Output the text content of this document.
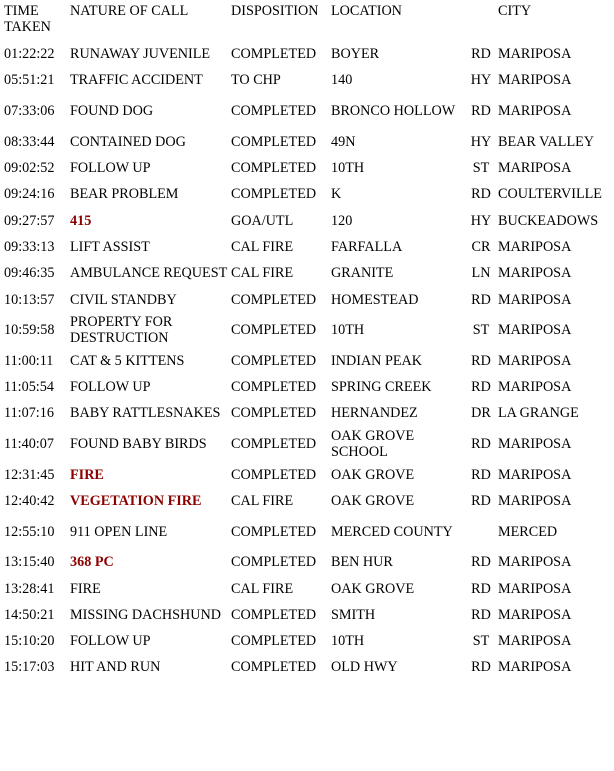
TIME TAKEN	NATURE OF CALL	DISPOSITION	LOCATION		CITY
01:22:22	RUNAWAY JUVENILE	COMPLETED	BOYER	RD	MARIPOSA
05:51:21	TRAFFIC ACCIDENT	TO CHP	140	HY	MARIPOSA
07:33:06	FOUND DOG	COMPLETED	BRONCO HOLLOW	RD	MARIPOSA
08:33:44	CONTAINED DOG	COMPLETED	49N	HY	BEAR VALLEY
09:02:52	FOLLOW UP	COMPLETED	10TH	ST	MARIPOSA
09:24:16	BEAR PROBLEM	COMPLETED	K	RD	COULTERVILLE
09:27:57	415	GOA/UTL	120	HY	BUCKEADOWS
09:33:13	LIFT ASSIST	CAL FIRE	FARFALLA	CR	MARIPOSA
09:46:35	AMBULANCE REQUEST	CAL FIRE	GRANITE	LN	MARIPOSA
10:13:57	CIVIL STANDBY	COMPLETED	HOMESTEAD	RD	MARIPOSA
10:59:58	PROPERTY FOR DESTRUCTION	COMPLETED	10TH	ST	MARIPOSA
11:00:11	CAT & 5 KITTENS	COMPLETED	INDIAN PEAK	RD	MARIPOSA
11:05:54	FOLLOW UP	COMPLETED	SPRING CREEK	RD	MARIPOSA
11:07:16	BABY RATTLESNAKES	COMPLETED	HERNANDEZ	DR	LA GRANGE
11:40:07	FOUND BABY BIRDS	COMPLETED	OAK GROVE SCHOOL	RD	MARIPOSA
12:31:45	FIRE	COMPLETED	OAK GROVE	RD	MARIPOSA
12:40:42	VEGETATION FIRE	CAL FIRE	OAK GROVE	RD	MARIPOSA
12:55:10	911 OPEN LINE	COMPLETED	MERCED COUNTY		MERCED
13:15:40	368 PC	COMPLETED	BEN HUR	RD	MARIPOSA
13:28:41	FIRE	CAL FIRE	OAK GROVE	RD	MARIPOSA
14:50:21	MISSING DACHSHUND	COMPLETED	SMITH	RD	MARIPOSA
15:10:20	FOLLOW UP	COMPLETED	10TH	ST	MARIPOSA
15:17:03	HIT AND RUN	COMPLETED	OLD HWY	RD	MARIPOSA
